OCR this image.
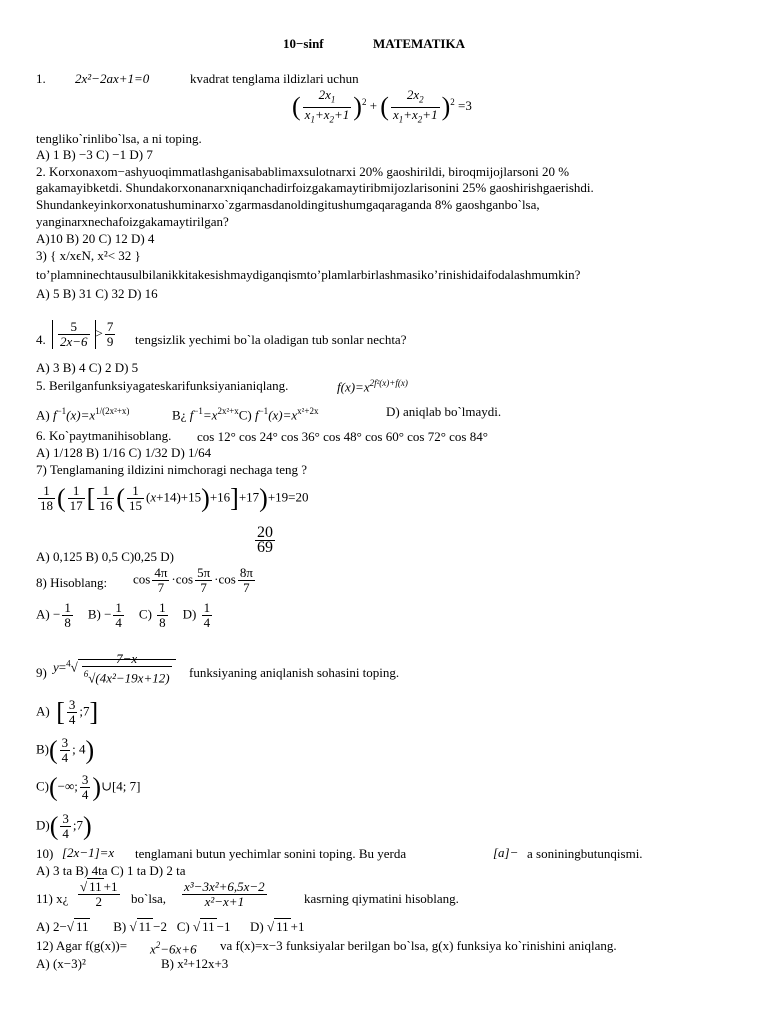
10−sinf	MATEMATIKA
1. 2x²−2ax+1=0	kvadrat tenglama ildizlari uchun
( $\frac{2x_1}{x_1+x_2+1} )^2$ + ( $\frac{2x_2}{x_1+x_2+1} )^2 =3$
tengliko`rinlibo`lsa, a ni toping.
A) 1 B) −3 C) −1 D) 7
2. Korxonaxom−ashyuoqimmatlashganisabablimaxsulotnarxi 20% gaoshirildi, biroqmijojlarsoni 20 %
gakamayibketdi. Shundakorxonanarxniqanchadirfoizgakamaytiribmijozlarisonini 25% gaoshirishgaerishdi.
Shundankeyinkorxonatushuminarxo`zgarmasdanoldingitushumgaqaraganda 8% gaoshganbo`lsa,
yanginarxnechafoizgakamaytirilgan?
A)10 B) 20 C) 12 D) 4
3) { x/xϵN, x²< 32 }
to’plamninechtausulbilanikkitakesishmaydiganqismto’plamlarbirlashmasiko’rinishidaifodalashmumkin?
A) 5 B) 31 C) 32 D) 16
4. $\frac{5}{2x-6} > \frac{7}{9}$ tengsizlik yechimi bo`la oladigan tub sonlar nechta?
A) 3 B) 4 C) 2 D) 5
5. Berilganfunksiyagateskarifunksiyanianiqlang.	$f(x)=x^{2f^2(x)+f(x)}$
A) $f^{-1}(x)=x^{1/(2x^2+x)}$	B¿ $f^{-1}=x^{2x^2+x}C$) $f^{-1}(x)=x^{x^2+2x}$	D) aniqlab bo`lmaydi.
6. Ko`paytmanihisoblang. cos 12° cos 24° cos 36° cos 48° cos 60° cos 72° cos 84°
A) 1/128 B) 1/16 C) 1/32 D) 1/64
7) Tenglamaning ildizini nimchoragi nechaga teng ?
$\frac{1}{18}$ ( $\frac{1}{17}$ [ $\frac{1}{16}$ ( $\frac{1}{15} (x+14)+15)+16]+17)+19=20$
A) 0,125 B) 0,5 C)0,25 D)
$\frac{20}{69}$
8) Hisoblang: $\cos \frac{4\pi}{7} \cdot\cos \frac{5\pi}{7} \cdot\cos \frac{8\pi}{7}$
$A) - \frac{1}{8} B) - \frac{1}{4} C) \frac{1}{8} D) \frac{1}{4}$
9) $y=^4√ \frac{7-x}{^6√(4x^2-19x+12)}$ funksiyaning aniqlanish sohasini toping.
A)  [ $\frac{3}{4}$ ;7]
$B)( \frac{3}{4}$ ; 4)
C)(−∞; $\frac{3}{4}$ )∪[4; 7]
$D)( \frac{3}{4}$ ;7)
10) [2x−1]=x tenglamani butun yechimlar sonini toping. Bu yerda	[a]− a soniningbutunqismi.
A) 3 ta B) 4ta C) 1 ta D) 2 ta
11) x¿ $\frac{√ 11 +1}{2}$ bo`lsa, $\frac{\text{x³−3x²+6,5x−2}}{\text{x²−x+1}}$	kasrning qiymatini hisoblang.
A) 2−√ 11       B) √ 11 −2   C) √ 11 −1      D) √ 11 +1
12) Agar $f(g(x))= x^2-6x+6$ va f(x)=x−3 funksiyalar berilgan bo`lsa, g(x) funksiya ko`rinishini aniqlang.
A) (x−3)²	B) x²+12x+3
